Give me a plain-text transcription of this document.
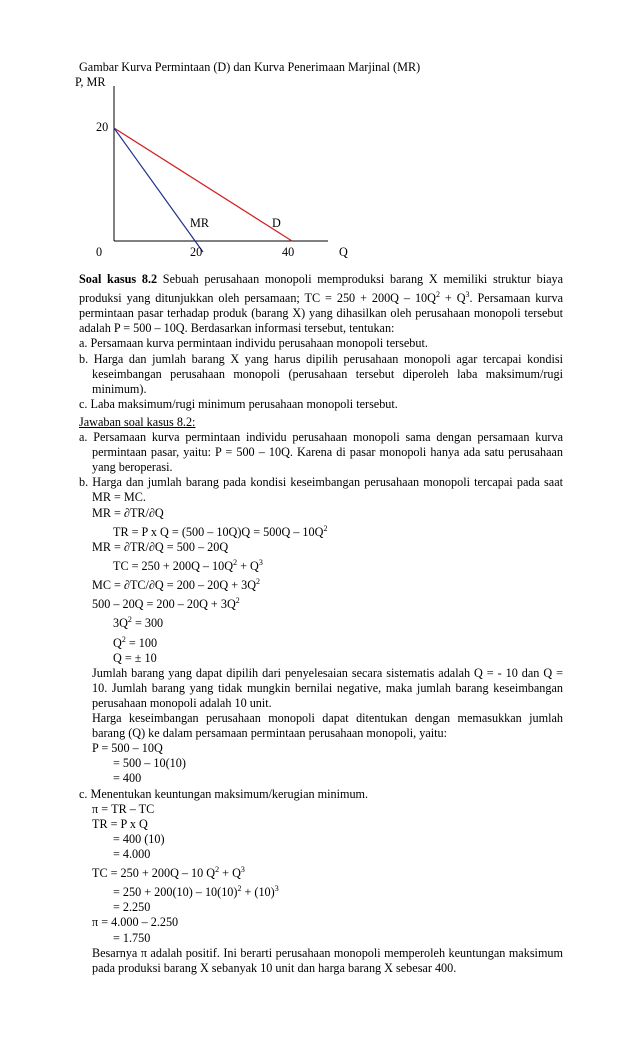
Gambar Kurva Permintaan (D) dan Kurva Penerimaan Marjinal (MR)
P, MR
20
0	20	40	Q
MR	D
Soal kasus 8.2 Sebuah perusahaan monopoli memproduksi barang X memiliki struktur biaya produksi yang ditunjukkan oleh persamaan; TC = $250 + 200Q - 10Q^2 + Q^3$. Persamaan kurva permintaan pasar terhadap produk (barang X) yang dihasilkan oleh perusahaan monopoli tersebut adalah P = 500 – 10Q. Berdasarkan informasi tersebut, tentukan:
a. Persamaan kurva permintaan individu perusahaan monopoli tersebut.
b. Harga dan jumlah barang X yang harus dipilih perusahaan monopoli agar tercapai kondisi keseimbangan perusahaan monopoli (perusahaan tersebut diperoleh laba maksimum/rugi minimum).
c. Laba maksimum/rugi minimum perusahaan monopoli tersebut.
Jawaban soal kasus 8.2:
a. Persamaan kurva permintaan individu perusahaan monopoli sama dengan persamaan kurva permintaan pasar, yaitu: P = 500 – 10Q. Karena di pasar monopoli hanya ada satu perusahaan yang beroperasi.
b. Harga dan jumlah barang pada kondisi keseimbangan perusahaan monopoli tercapai pada saat MR = MC.
MR = ∂TR/∂Q
TR = P x $Q = (500 - 10Q)Q = 500Q - 10Q^2$
MR = ∂TR/∂Q = 500 – 20Q
TC = $250 + 200Q - 10Q^2 + Q^3$
MC = $\partial TC/\partial Q = 200 - 20Q + 3Q^2$
$500 - 20Q = 200 - 20Q + 3Q^2$
$3Q^2 = 300$
$Q^2 = 100$
Q = ± 10
Jumlah barang yang dapat dipilih dari penyelesaian secara sistematis adalah Q = - 10 dan Q = 10. Jumlah barang yang tidak mungkin bernilai negative, maka jumlah barang keseimbangan perusahaan monopoli adalah 10 unit.
Harga keseimbangan perusahaan monopoli dapat ditentukan dengan memasukkan jumlah barang (Q) ke dalam persamaan permintaan perusahaan monopoli, yaitu:
P = 500 – 10Q
= 500 – 10(10)
= 400
c. Menentukan keuntungan maksimum/kerugian minimum.
π = TR – TC
TR = P x Q
= 400 (10)
= 4.000
TC = 250 + 200Q – 10 $Q^2 + Q^3$
= $250 + 200(10) - 10(10)^2 + (10)^3$
= 2.250
π = 4.000 – 2.250
= 1.750
Besarnya π adalah positif. Ini berarti perusahaan monopoli memperoleh keuntungan maksimum pada produksi barang X sebanyak 10 unit dan harga barang X sebesar 400.
